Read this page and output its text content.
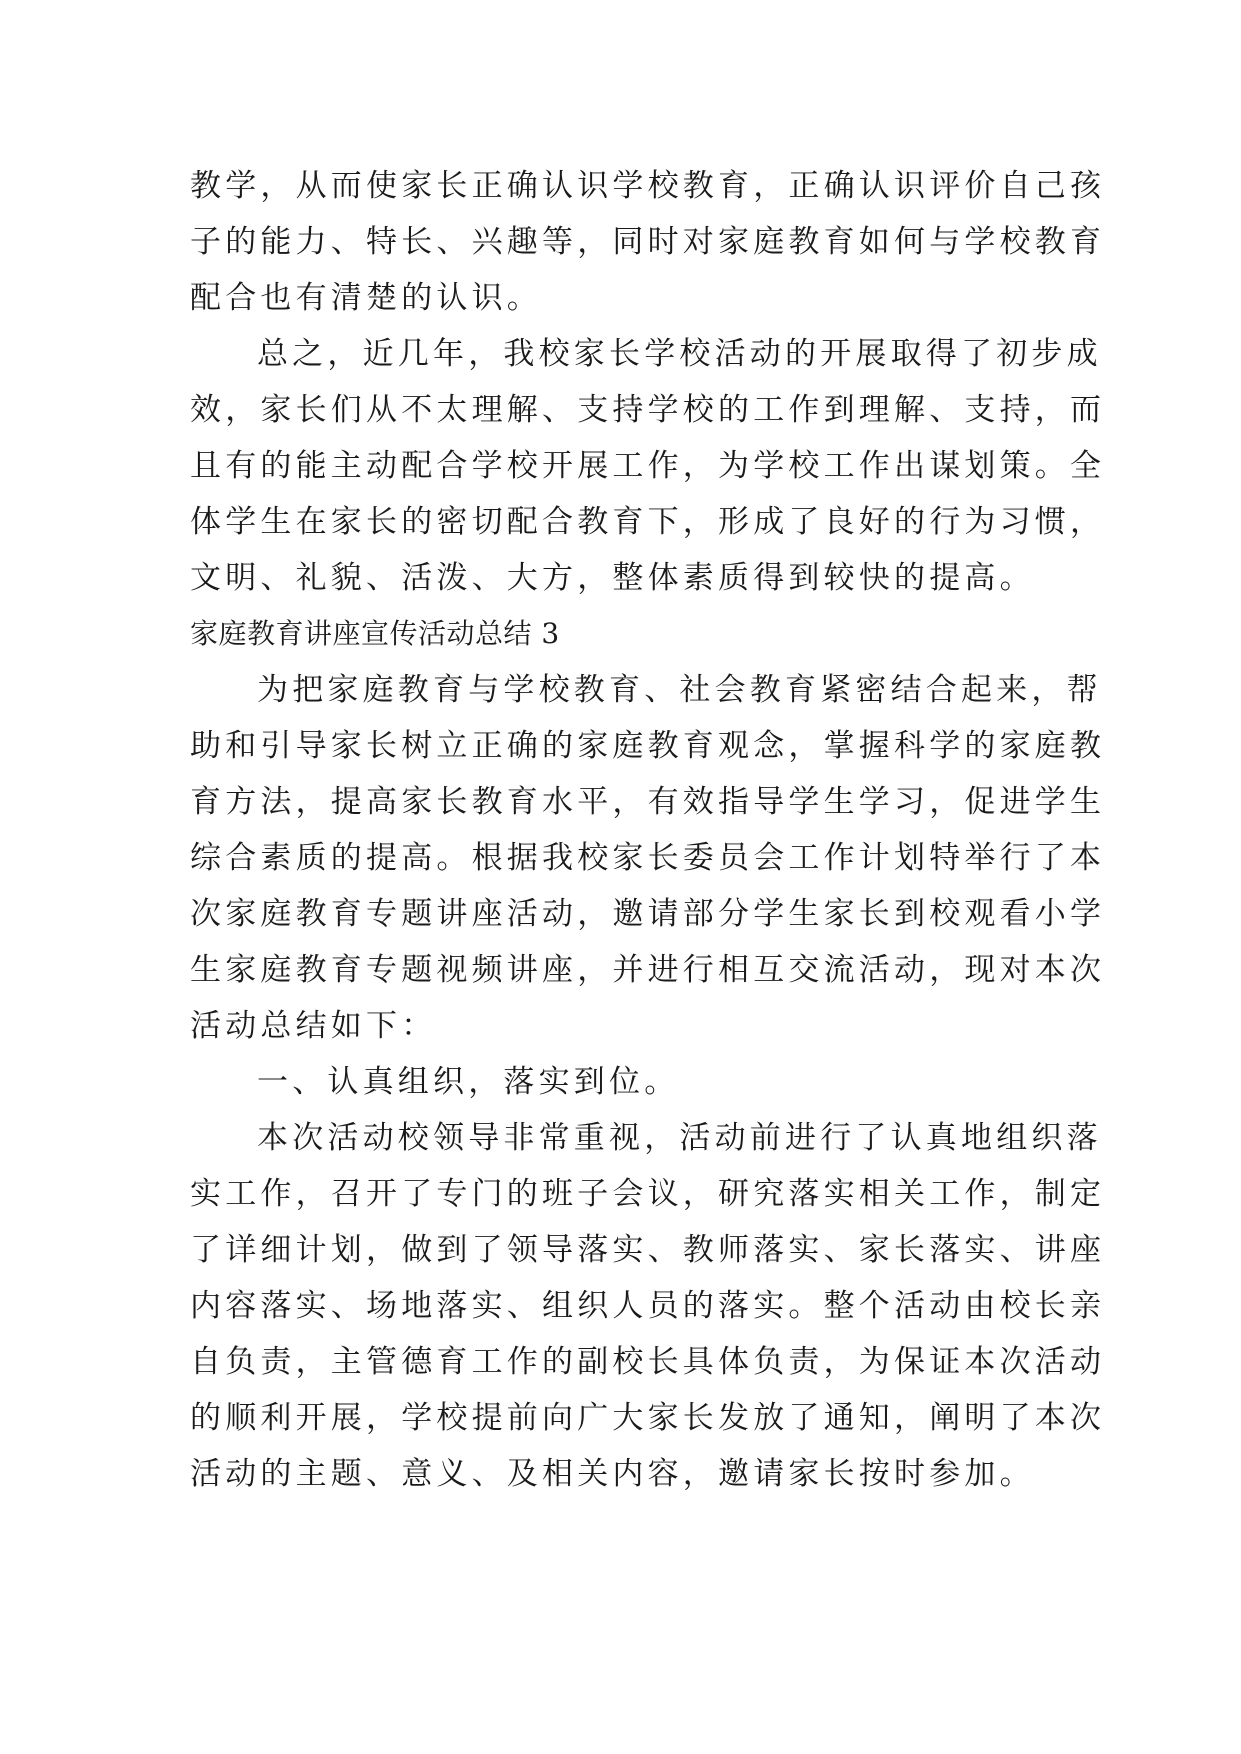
教学，从而使家长正确认识学校教育，正确认识评价自己孩
子的能力、特长、兴趣等，同时对家庭教育如何与学校教育
配合也有清楚的认识。
总之，近几年，我校家长学校活动的开展取得了初步成
效，家长们从不太理解、支持学校的工作到理解、支持，而
且有的能主动配合学校开展工作，为学校工作出谋划策。全
体学生在家长的密切配合教育下，形成了良好的行为习惯，
文明、礼貌、活泼、大方，整体素质得到较快的提高。
家庭教育讲座宣传活动总结 3
为把家庭教育与学校教育、社会教育紧密结合起来，帮
助和引导家长树立正确的家庭教育观念，掌握科学的家庭教
育方法，提高家长教育水平，有效指导学生学习，促进学生
综合素质的提高。根据我校家长委员会工作计划特举行了本
次家庭教育专题讲座活动，邀请部分学生家长到校观看小学
生家庭教育专题视频讲座，并进行相互交流活动，现对本次
活动总结如下：
一、认真组织，落实到位。
本次活动校领导非常重视，活动前进行了认真地组织落
实工作，召开了专门的班子会议，研究落实相关工作，制定
了详细计划，做到了领导落实、教师落实、家长落实、讲座
内容落实、场地落实、组织人员的落实。整个活动由校长亲
自负责，主管德育工作的副校长具体负责，为保证本次活动
的顺利开展，学校提前向广大家长发放了通知，阐明了本次
活动的主题、意义、及相关内容，邀请家长按时参加。
